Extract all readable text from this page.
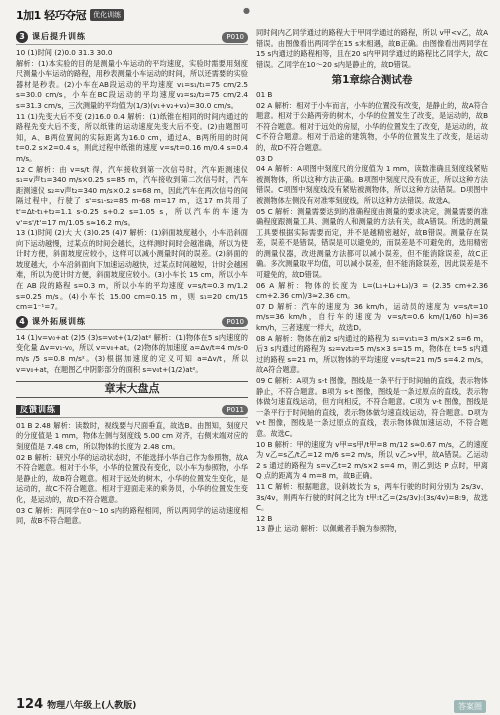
1加1 轻巧夺冠	优化训练	●
3 课后提升训练	P010

10 (1)时间 (2)0.0 31.3 30.0

解析：(1)本实验的目的是测量小车运动的平均速度，实验时需要用刻度尺测量小车运动的路程，用秒表测量小车运动的时间，所以还需要的实验器材是秒表。(2)小车在AB段运动的平均速度 v₁=s₁/t₁=75 cm/2.5 s=30.0 cm/s，小车在BC段运动的平均速度v₂=s₂/t₂=75 cm/2.4 s=31.3 cm/s，三次测量的平均值为(1/3)(v₁+v₂+v₃)=30.0 cm/s。

11 (1)先变大后不变 (2)16.0 0.4 解析：(1)纸锥在相同的时间内通过的路程先变大后不变，所以纸锥的运动速度先变大后不变。(2)由题图可知，A、B两位置间的实际距离为16.0 cm，通过A、B两所用的时间 t=0.2 s×2=0.4 s，则此过程中纸锥的速度 v=s/t=0.16 m/0.4 s=0.4 m/s。

12 C 解析：由 v=s/t 得，汽车接收到第一次信号时，汽车距测速仪 s₁=v声t₁=340 m/s×0.25 s=85 m，汽车接收到第二次信号时，汽车距测速仪 s₂=v声t₂=340 m/s×0.2 s=68 m，因此汽车在两次信号的间隔过程中，行驶了 s'=s₁-s₂=85 m-68 m=17 m，这17 m共用了 t'=Δt-t₁+t₂=1.1 s-0.25 s+0.2 s=1.05 s，所以汽车的车速为 v'=s'/t'=17 m/1.05 s≈16.2 m/s。

13 (1)时间 (2)大 大 (3)0.25 (4)7 解析：(1)斜面坡度越小，小车沿斜面向下运动越慢，过某点的时间会越长，这样测时间时会越准确，所以为使计时方便，斜面坡度应较小，这样可以减小测量时间的误差。(2)斜面的坡度越大，小车沿斜面向下加速运动越快，过某点时间越短，计时会越困难，所以为使计时方便，斜面坡度应较小。(3)小车长 15 cm，所以小车在 AB 段的路程 s=0.3 m，所以小车的平均速度 v=s/t=0.3 m/1.2 s=0.25 m/s。(4)小车长 15.00 cm=0.15 m，则 s₁=20 cm/15 cm=1⁻¹=7。

4 课外拓展训练	P010

14 (1)v=v₀+at (2)5 (3)s=v₀t+(1/2)at² 解析：(1)物体在5 s内速度的变化量 Δv=v₁-v₀，所以 v=v₀+at。(2)物体的加速度 a=Δv/t=4 m/s-0 m/s /5 s=0.8 m/s²。(3)根据加速度的定义可知 a=Δv/t，所以 v=v₀+at，在题图乙中阴影部分的面积 s=v₀t+(1/2)at²。

章末大盘点
反馈训练	P011

01 B 2.48 解析：读数时，视线要与尺面垂直，故选B。由图知，刻度尺的分度值是 1 mm，物体左侧与刻度线 5.00 cm 对齐，右侧末端对应的刻度值是 7.48 cm，所以物体的长度为 2.48 cm。

02 B 解析：研究小华的运动状态时，不能选择小华自己作为参照物，故A不符合题意。相对于小华，小华的位置没有变化，以小车为参照物，小华是静止的，故B符合题意。相对于远处的树木，小华的位置发生变化，是运动的，故C不符合题意。相对于迎面走来的乘务员，小华的位置发生变化，是运动的，故D不符合题意。

03 C 解析：两同学在0～10 s内的路程相同，所以两同学的运动速度相同，故B不符合题意。

同时间内乙同学通过的路程大于甲同学通过的路程，所以 v甲<v乙，故A错误。由图像看出两同学在15 s末相遇，故B正确。由图像看出两同学在15 s内通过的路程相等，且在20 s内甲同学通过的路程比乙同学大，故C错误。乙同学在10～20 s内是静止的，故D错误。

第1章综合测试卷

01 B

02 A 解析：相对于小车而言，小车的位置没有改变，是静止的，故A符合题意。相对于公路两旁的树木，小华的位置发生了改变，是运动的，故B不符合题意。相对于远处的房屋，小华的位置发生了改变，是运动的，故C不符合题意。相对于沿途的建筑物，小华的位置发生了改变，是运动的，故D不符合题意。

03 D

04 A 解析：A项图中刻度尺的分度值为 1 mm，读数准确且刻度线紧贴被测物体，所以这种方法正确。B项图中刻度尺没有放正，所以这种方法错误。C项图中刻度线没有紧贴被测物体，所以这种方法错误。D项图中被测物体左侧没有对准零刻度线，所以这种方法错误。故选A。

05 C 解析：测量需要达到的准确程度由测量的要求决定，测量需要的准确程度跟测量工具、测量的人和测量的方法有关，故A错误。所选的测量工具要根据实际需要而定，并不是越精密越好，故B错误。测量存在误差，误差不是错误，错误是可以避免的，而误差是不可避免的，选用精密的测量仪器，改进测量方法都可以减小误差，但不能消除误差，故C正确。多次测量取平均值，可以减小误差，但不能消除误差，因此误差是不可避免的，故D错误。

06 A 解析：物体的长度为 L=(L₁+L₂+L₃)/3 = (2.35 cm+2.36 cm+2.36 cm)/3≈2.36 cm。

07 D 解析：汽车的速度为 36 km/h，运动员的速度为 v=s/t=10 m/s=36 km/h，自行车的速度为 v=s/t=0.6 km/(1/60 h)=36 km/h，三者速度一样大，故选D。

08 A 解析：物体在前2 s内通过的路程为 s₁=v₁t₁=3 m/s×2 s=6 m，后3 s内通过的路程为 s₂=v₂t₂=5 m/s×3 s=15 m，物体在 t=5 s内通过的路程 s=21 m，所以物体的平均速度 v=s/t=21 m/5 s=4.2 m/s，故A符合题意。

09 C 解析：A项为 s-t 图像，图线是一条平行于时间轴的直线，表示物体静止，不符合题意。B项为 s-t 图像，图线是一条过原点的直线，表示物体做匀速直线运动，但方向相反，不符合题意。C项为 v-t 图像，图线是一条平行于时间轴的直线，表示物体做匀速直线运动，符合题意。D项为 v-t 图像，图线是一条过原点的直线，表示物体做加速运动，不符合题意。故选C。

10 B 解析：甲的速度为 v甲=s甲/t甲=8 m/12 s≈0.67 m/s，乙的速度为 v乙=s乙/t乙=12 m/6 s=2 m/s，所以 v乙>v甲，故A错误。乙运动 2 s 通过的路程为 s=v乙t=2 m/s×2 s=4 m，则乙到达 P 点时，甲离 Q 点的距离为 4 m=8 m，故B正确。

11 C 解析：根据题意，设斜坡长为 s，两车行驶的时间分别为 2s/3v、3s/4v，则两车行驶的时间之比为 t甲:t乙=(2s/3v):(3s/4v)=8:9，故选C。

12 B

13 静止 运动 解析：以佩戴者手腕为参照物，

124 物理八年级上(人教版)	答案圈
